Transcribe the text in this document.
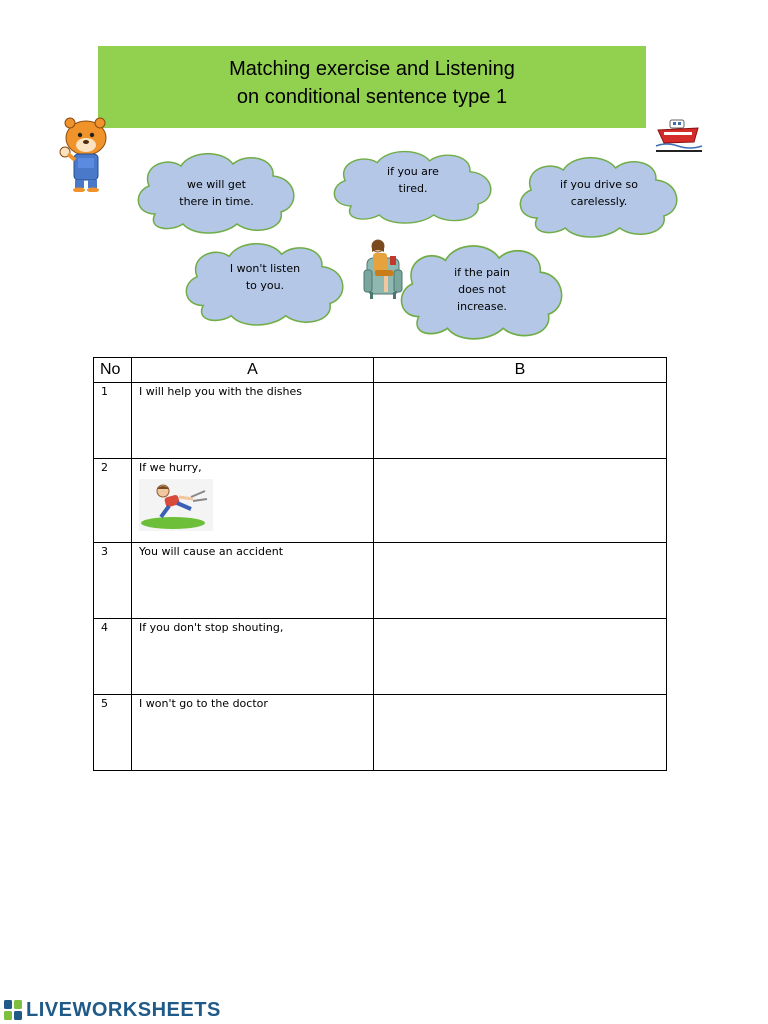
Matching exercise and Listening
on conditional sentence type 1
we will get
there in time.
if you are
tired.	if you drive so
carelessly.
I won't listen
to you.
if the pain
does not
increase.
No	A	B
1	I will help you with the dishes	
2	If we hurry,	

3	You will cause an accident	
4	If you don't stop shouting,	
5	I won't go to the doctor	
LIVEWORKSHEETS
